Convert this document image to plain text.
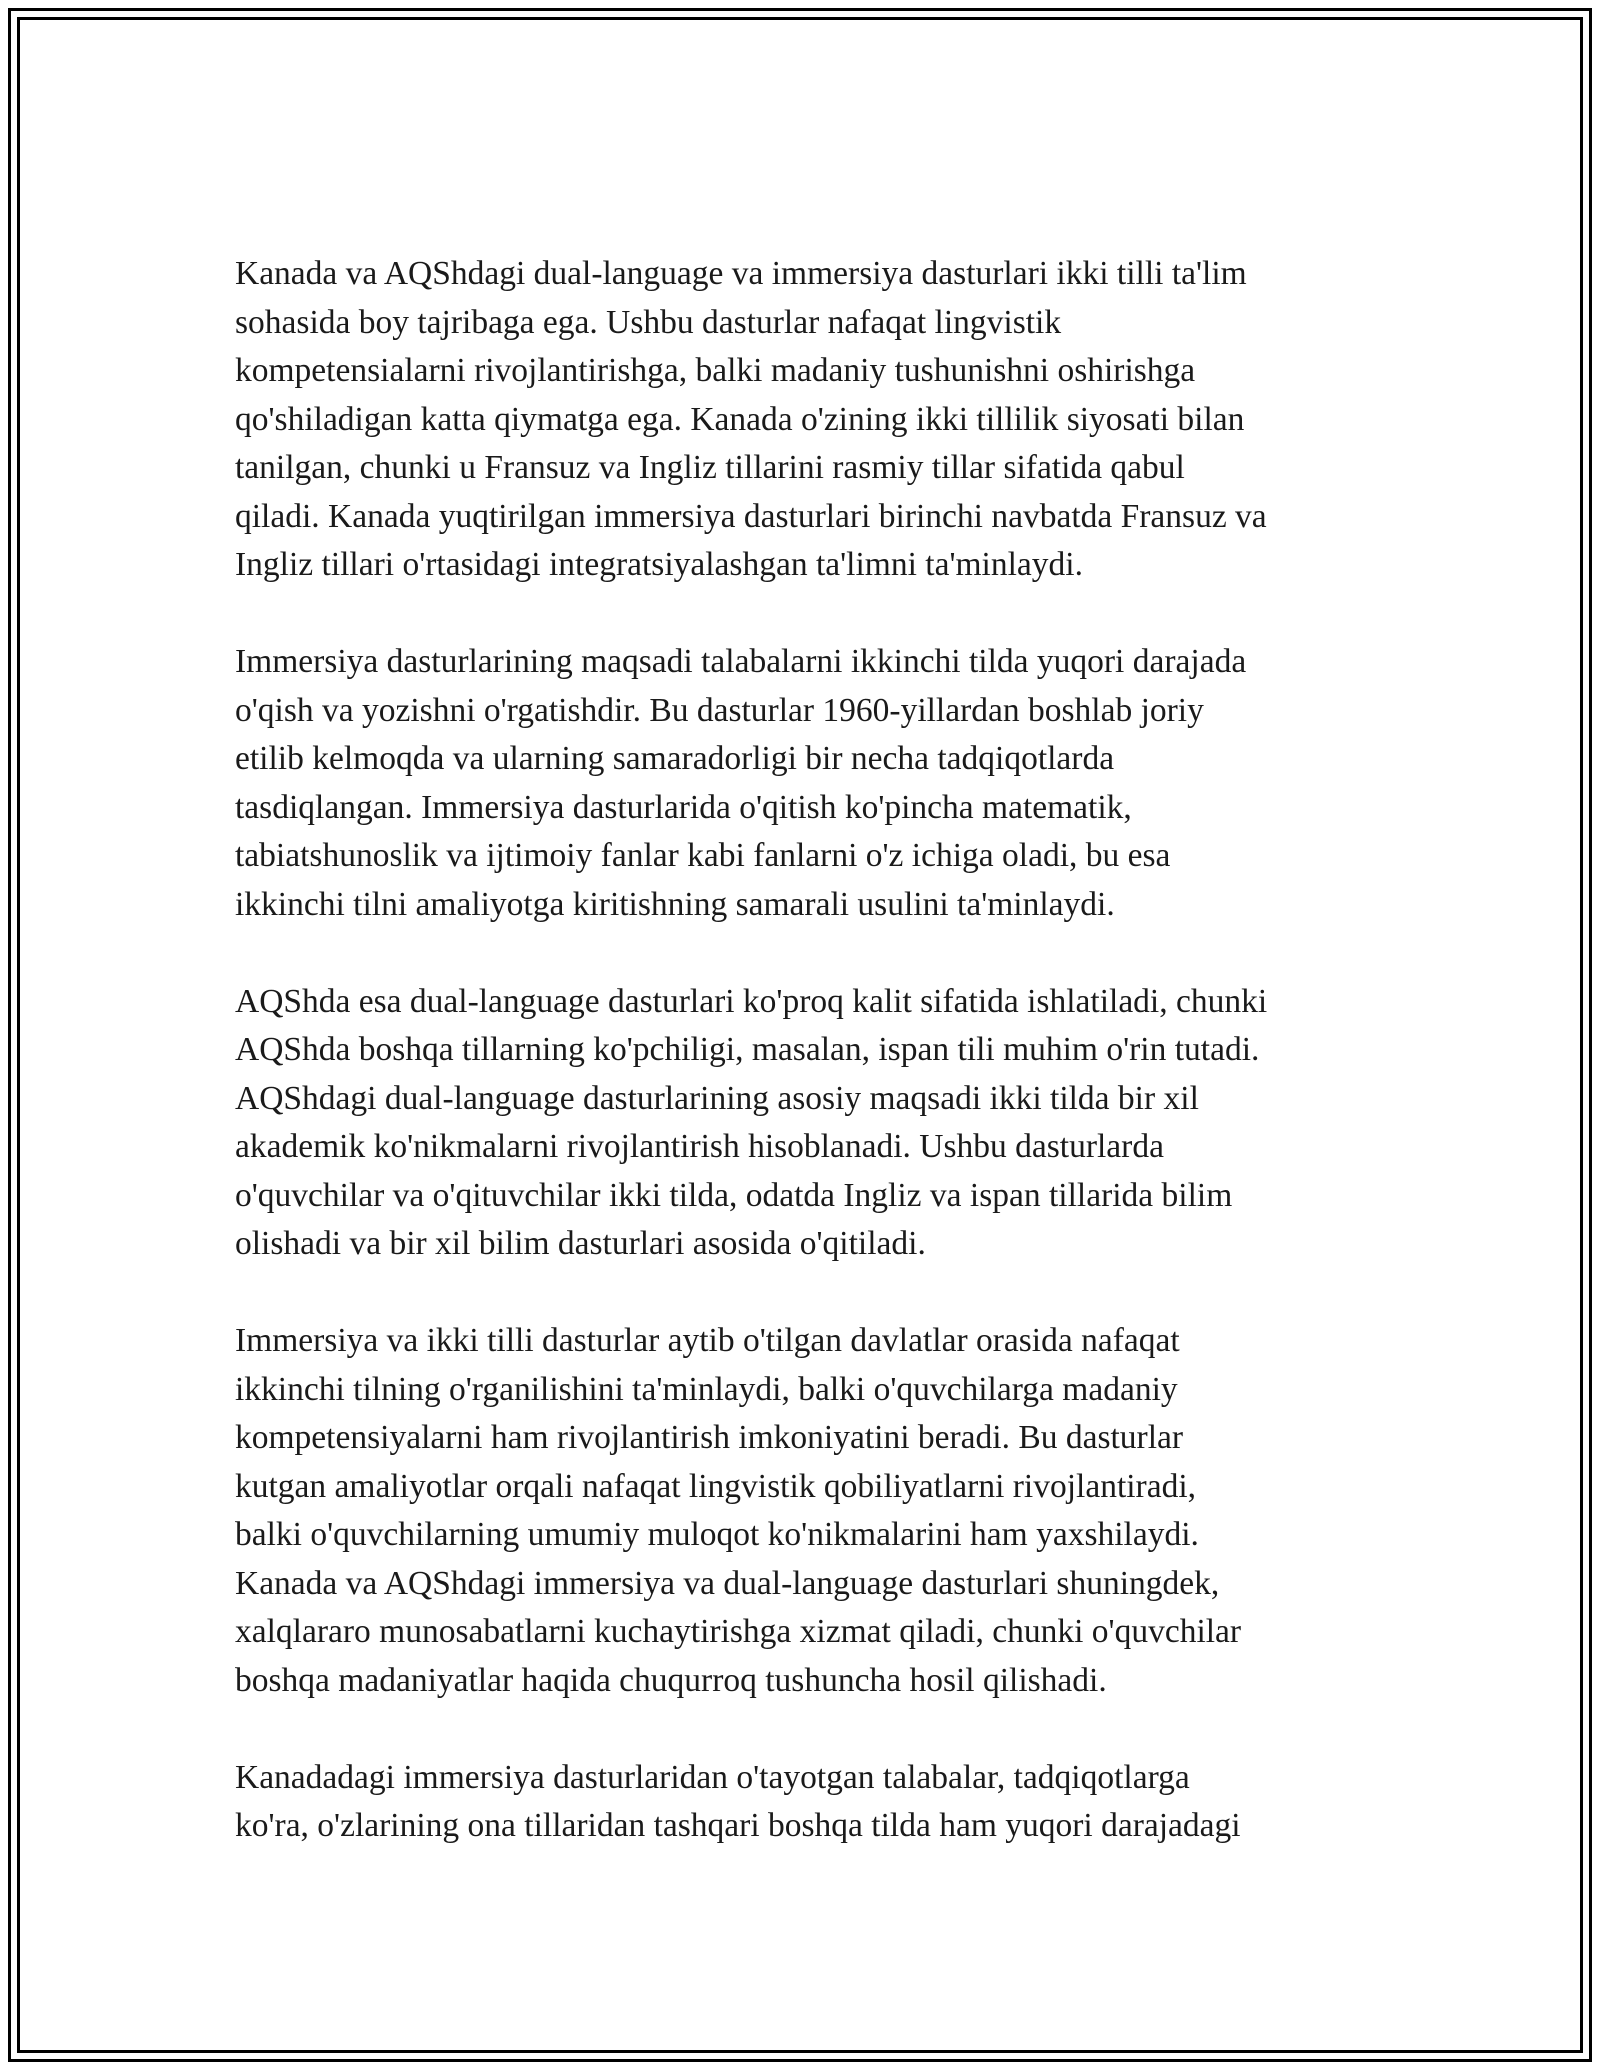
Kanada va AQShdagi dual-language va immersiya dasturlari ikki tilli ta'lim
sohasida boy tajribaga ega. Ushbu dasturlar nafaqat lingvistik
kompetensialarni rivojlantirishga, balki madaniy tushunishni oshirishga
qo'shiladigan katta qiymatga ega. Kanada o'zining ikki tillilik siyosati bilan
tanilgan, chunki u Fransuz va Ingliz tillarini rasmiy tillar sifatida qabul
qiladi. Kanada yuqtirilgan immersiya dasturlari birinchi navbatda Fransuz va
Ingliz tillari o'rtasidagi integratsiyalashgan ta'limni ta'minlaydi.

Immersiya dasturlarining maqsadi talabalarni ikkinchi tilda yuqori darajada
o'qish va yozishni o'rgatishdir. Bu dasturlar 1960-yillardan boshlab joriy
etilib kelmoqda va ularning samaradorligi bir necha tadqiqotlarda
tasdiqlangan. Immersiya dasturlarida o'qitish ko'pincha matematik,
tabiatshunoslik va ijtimoiy fanlar kabi fanlarni o'z ichiga oladi, bu esa
ikkinchi tilni amaliyotga kiritishning samarali usulini ta'minlaydi.

AQShda esa dual-language dasturlari ko'proq kalit sifatida ishlatiladi, chunki
AQShda boshqa tillarning ko'pchiligi, masalan, ispan tili muhim o'rin tutadi.
AQShdagi dual-language dasturlarining asosiy maqsadi ikki tilda bir xil
akademik ko'nikmalarni rivojlantirish hisoblanadi. Ushbu dasturlarda
o'quvchilar va o'qituvchilar ikki tilda, odatda Ingliz va ispan tillarida bilim
olishadi va bir xil bilim dasturlari asosida o'qitiladi.

Immersiya va ikki tilli dasturlar aytib o'tilgan davlatlar orasida nafaqat
ikkinchi tilning o'rganilishini ta'minlaydi, balki o'quvchilarga madaniy
kompetensiyalarni ham rivojlantirish imkoniyatini beradi. Bu dasturlar
kutgan amaliyotlar orqali nafaqat lingvistik qobiliyatlarni rivojlantiradi,
balki o'quvchilarning umumiy muloqot ko'nikmalarini ham yaxshilaydi.
Kanada va AQShdagi immersiya va dual-language dasturlari shuningdek,
xalqlararo munosabatlarni kuchaytirishga xizmat qiladi, chunki o'quvchilar
boshqa madaniyatlar haqida chuqurroq tushuncha hosil qilishadi.

Kanadadagi immersiya dasturlaridan o'tayotgan talabalar, tadqiqotlarga
ko'ra, o'zlarining ona tillaridan tashqari boshqa tilda ham yuqori darajadagi
